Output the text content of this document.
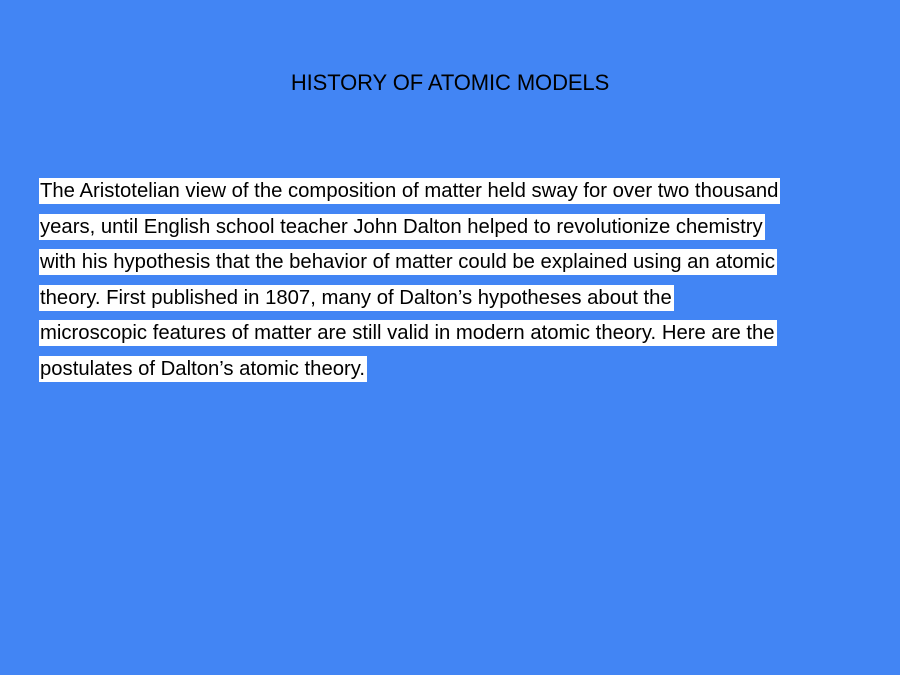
HISTORY OF ATOMIC MODELS
The Aristotelian view of the composition of matter held sway for over two thousand
years, until English school teacher John Dalton helped to revolutionize chemistry
with his hypothesis that the behavior of matter could be explained using an atomic
theory. First published in 1807, many of Dalton’s hypotheses about the
microscopic features of matter are still valid in modern atomic theory. Here are the
postulates of Dalton’s atomic theory.
